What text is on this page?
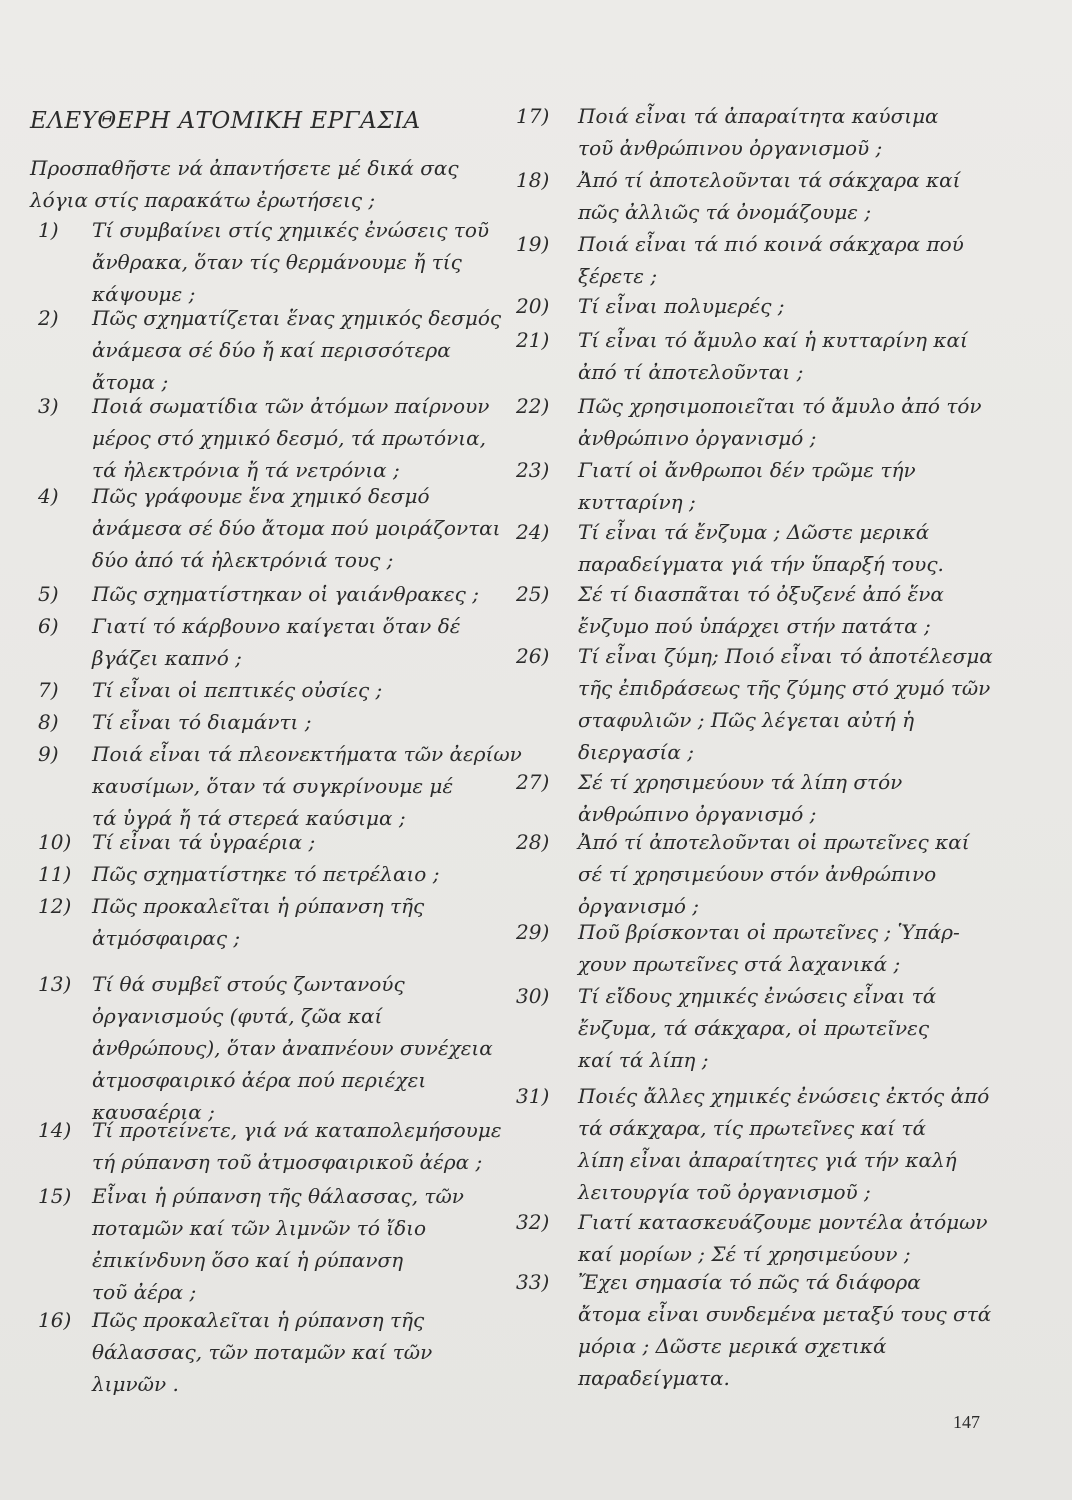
ΕΛΕΥΘΕΡΗ ΑΤΟΜΙΚΗ ΕΡΓΑΣΙΑ
Προσπαθῆστε νά ἀπαντήσετε μέ δικά σας
λόγια στίς παρακάτω ἐρωτήσεις ;
1) Τί συμβαίνει στίς χημικές ἐνώσεις τοῦ
ἄνθρακα, ὅταν τίς θερμάνουμε ἤ τίς
κάψουμε ;
2) Πῶς σχηματίζεται ἕνας χημικός δεσμός
ἀνάμεσα σέ δύο ἤ καί περισσότερα
ἄτομα ;
3) Ποιά σωματίδια τῶν ἀτόμων παίρνουν
μέρος στό χημικό δεσμό, τά πρωτόνια,
τά ἠλεκτρόνια ἤ τά νετρόνια ;
4) Πῶς γράφουμε ἕνα χημικό δεσμό
ἀνάμεσα σέ δύο ἄτομα πού μοιράζονται
δύο ἀπό τά ἠλεκτρόνιά τους ;
5) Πῶς σχηματίστηκαν οἱ γαιάνθρακες ;
6) Γιατί τό κάρβουνο καίγεται ὅταν δέ
βγάζει καπνό ;
7) Τί εἶναι οἱ πεπτικές οὐσίες ;
8) Τί εἶναι τό διαμάντι ;
9) Ποιά εἶναι τά πλεονεκτήματα τῶν ἀερίων
καυσίμων, ὅταν τά συγκρίνουμε μέ
τά ὑγρά ἤ τά στερεά καύσιμα ;
10) Τί εἶναι τά ὑγραέρια ;
11) Πῶς σχηματίστηκε τό πετρέλαιο ;
12) Πῶς προκαλεῖται ἡ ρύπανση τῆς
ἀτμόσφαιρας ;
13) Τί θά συμβεῖ στούς ζωντανούς
ὀργανισμούς (φυτά, ζῶα καί
ἀνθρώπους), ὅταν ἀναπνέουν συνέχεια
ἀτμοσφαιρικό ἀέρα πού περιέχει
καυσαέρια ;
14) Τί προτείνετε, γιά νά καταπολεμήσουμε
τή ρύπανση τοῦ ἀτμοσφαιρικοῦ ἀέρα ;
15) Εἶναι ἡ ρύπανση τῆς θάλασσας, τῶν
ποταμῶν καί τῶν λιμνῶν τό ἴδιο
ἐπικίνδυνη ὅσο καί ἡ ρύπανση
τοῦ ἀέρα ;
16) Πῶς προκαλεῖται ἡ ρύπανση τῆς
θάλασσας, τῶν ποταμῶν καί τῶν
λιμνῶν .
17) Ποιά εἶναι τά ἀπαραίτητα καύσιμα
τοῦ ἀνθρώπινου ὀργανισμοῦ ;
18) Ἀπό τί ἀποτελοῦνται τά σάκχαρα καί
πῶς ἀλλιῶς τά ὀνομάζουμε ;
19) Ποιά εἶναι τά πιό κοινά σάκχαρα πού
ξέρετε ;
20) Τί εἶναι πολυμερές ;
21) Τί εἶναι τό ἄμυλο καί ἡ κυτταρίνη καί
ἀπό τί ἀποτελοῦνται ;
22) Πῶς χρησιμοποιεῖται τό ἄμυλο ἀπό τόν
ἀνθρώπινο ὀργανισμό ;
23) Γιατί οἱ ἄνθρωποι δέν τρῶμε τήν
κυτταρίνη ;
24) Τί εἶναι τά ἔνζυμα ; Δῶστε μερικά
παραδείγματα γιά τήν ὕπαρξή τους.
25) Σέ τί διασπᾶται τό ὀξυζενέ ἀπό ἕνα
ἔνζυμο πού ὑπάρχει στήν πατάτα ;
26) Τί εἶναι ζύμη; Ποιό εἶναι τό ἀποτέλεσμα
τῆς ἐπιδράσεως τῆς ζύμης στό χυμό τῶν
σταφυλιῶν ; Πῶς λέγεται αὐτή ἡ
διεργασία ;
27) Σέ τί χρησιμεύουν τά λίπη στόν
ἀνθρώπινο ὀργανισμό ;
28) Ἀπό τί ἀποτελοῦνται οἱ πρωτεῖνες καί
σέ τί χρησιμεύουν στόν ἀνθρώπινο
ὀργανισμό ;
29) Ποῦ βρίσκονται οἱ πρωτεῖνες ; Ὑπάρ-
χουν πρωτεῖνες στά λαχανικά ;
30) Τί εἴδους χημικές ἐνώσεις εἶναι τά
ἔνζυμα, τά σάκχαρα, οἱ πρωτεῖνες
καί τά λίπη ;
31) Ποιές ἄλλες χημικές ἐνώσεις ἐκτός ἀπό
τά σάκχαρα, τίς πρωτεῖνες καί τά
λίπη εἶναι ἀπαραίτητες γιά τήν καλή
λειτουργία τοῦ ὀργανισμοῦ ;
32) Γιατί κατασκευάζουμε μοντέλα ἀτόμων
καί μορίων ; Σέ τί χρησιμεύουν ;
33) Ἔχει σημασία τό πῶς τά διάφορα
ἄτομα εἶναι συνδεμένα μεταξύ τους στά
μόρια ; Δῶστε μερικά σχετικά
παραδείγματα.
147
